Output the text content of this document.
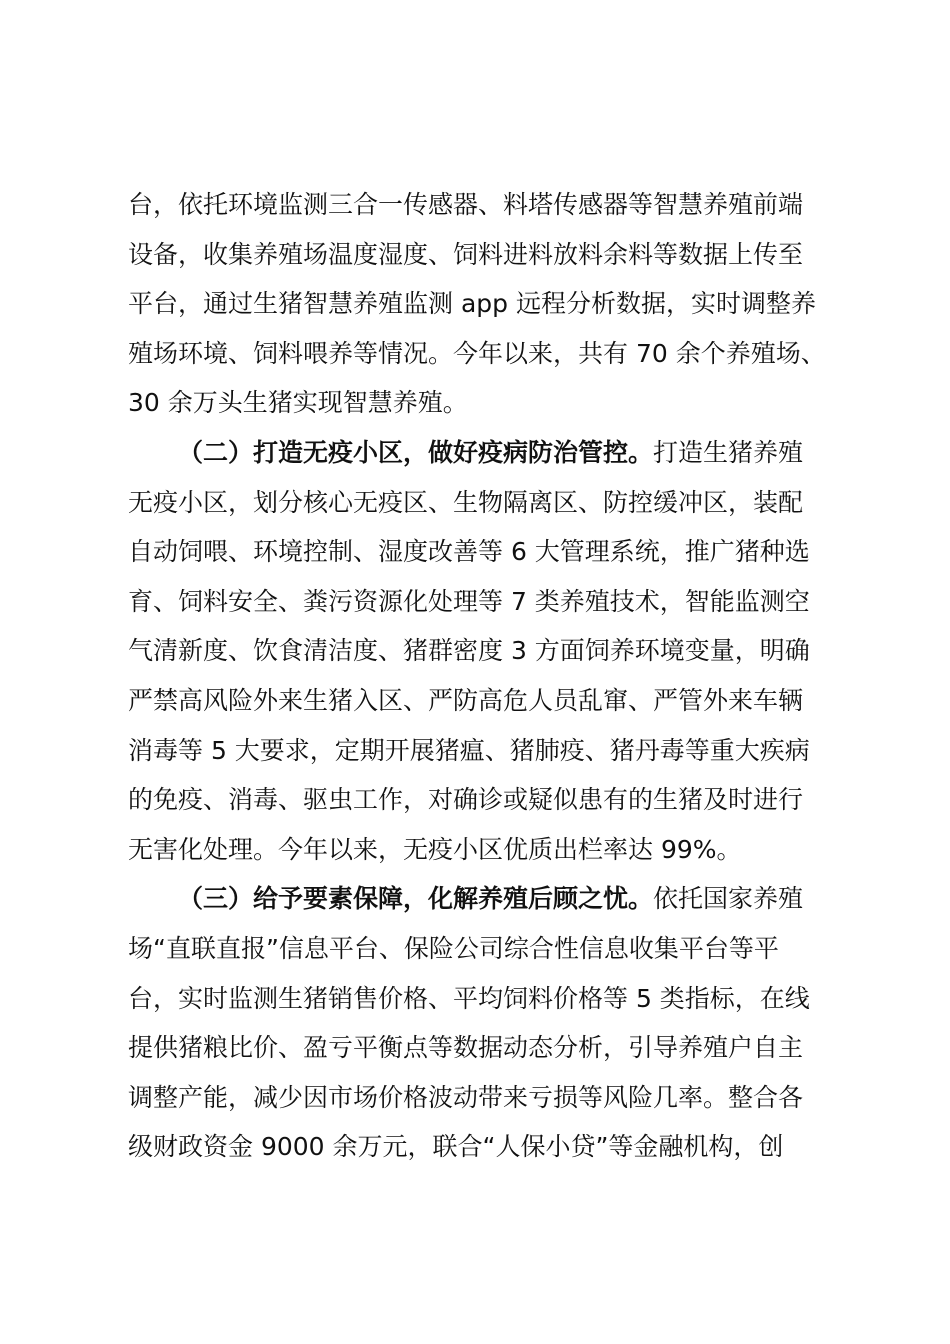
台，依托环境监测三合一传感器、料塔传感器等智慧养殖前端
设备，收集养殖场温度湿度、饲料进料放料余料等数据上传至
平台，通过生猪智慧养殖监测 app 远程分析数据，实时调整养
殖场环境、饲料喂养等情况。今年以来，共有 70 余个养殖场、
30 余万头生猪实现智慧养殖。
（二）打造无疫小区，做好疫病防治管控。打造生猪养殖
无疫小区，划分核心无疫区、生物隔离区、防控缓冲区，装配
自动饲喂、环境控制、湿度改善等 6 大管理系统，推广猪种选
育、饲料安全、粪污资源化处理等 7 类养殖技术，智能监测空
气清新度、饮食清洁度、猪群密度 3 方面饲养环境变量，明确
严禁高风险外来生猪入区、严防高危人员乱窜、严管外来车辆
消毒等 5 大要求，定期开展猪瘟、猪肺疫、猪丹毒等重大疾病
的免疫、消毒、驱虫工作，对确诊或疑似患有的生猪及时进行
无害化处理。今年以来，无疫小区优质出栏率达 99%。
（三）给予要素保障，化解养殖后顾之忧。依托国家养殖
场“直联直报”信息平台、保险公司综合性信息收集平台等平
台，实时监测生猪销售价格、平均饲料价格等 5 类指标，在线
提供猪粮比价、盈亏平衡点等数据动态分析，引导养殖户自主
调整产能，减少因市场价格波动带来亏损等风险几率。整合各
级财政资金 9000 余万元，联合“人保小贷”等金融机构，创
